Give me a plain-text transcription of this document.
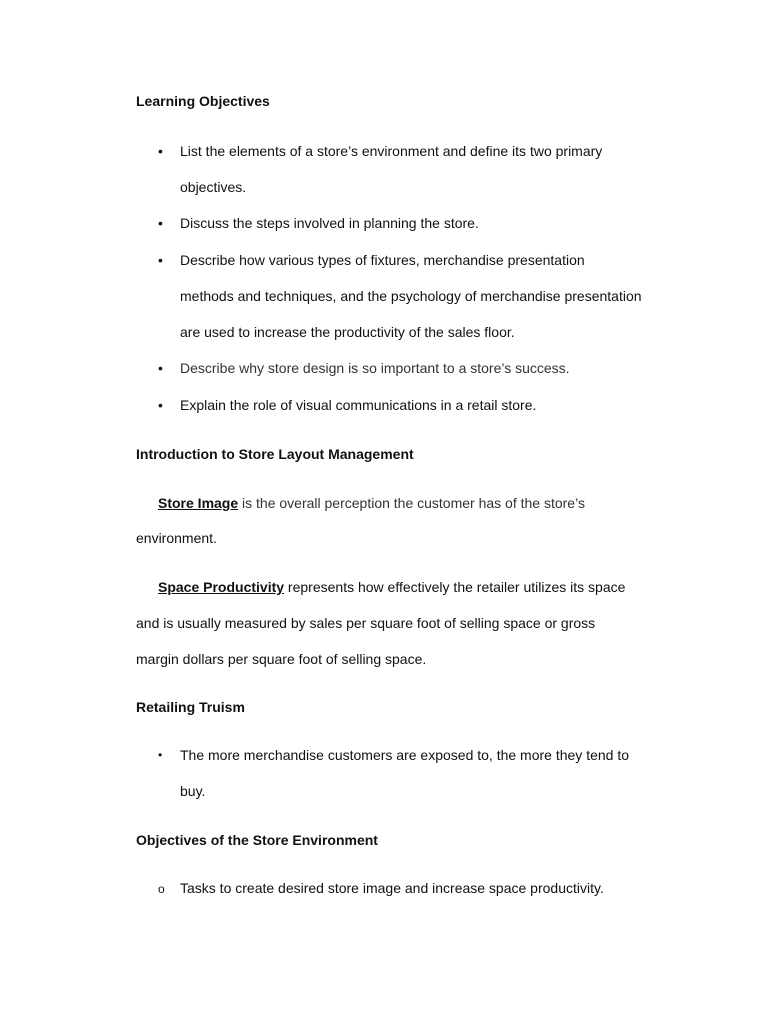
Learning Objectives
• List the elements of a store’s environment and define its two primary
objectives.
• Discuss the steps involved in planning the store.
• Describe how various types of fixtures, merchandise presentation
methods and techniques, and the psychology of merchandise presentation
are used to increase the productivity of the sales floor.
• Describe why store design is so important to a store’s success.
• Explain the role of visual communications in a retail store.
Introduction to Store Layout Management
Store Image is the overall perception the customer has of the store’s
environment.
Space Productivity represents how effectively the retailer utilizes its space
and is usually measured by sales per square foot of selling space or gross
margin dollars per square foot of selling space.
Retailing Truism
• The more merchandise customers are exposed to, the more they tend to
buy.
Objectives of the Store Environment
o Tasks to create desired store image and increase space productivity.
